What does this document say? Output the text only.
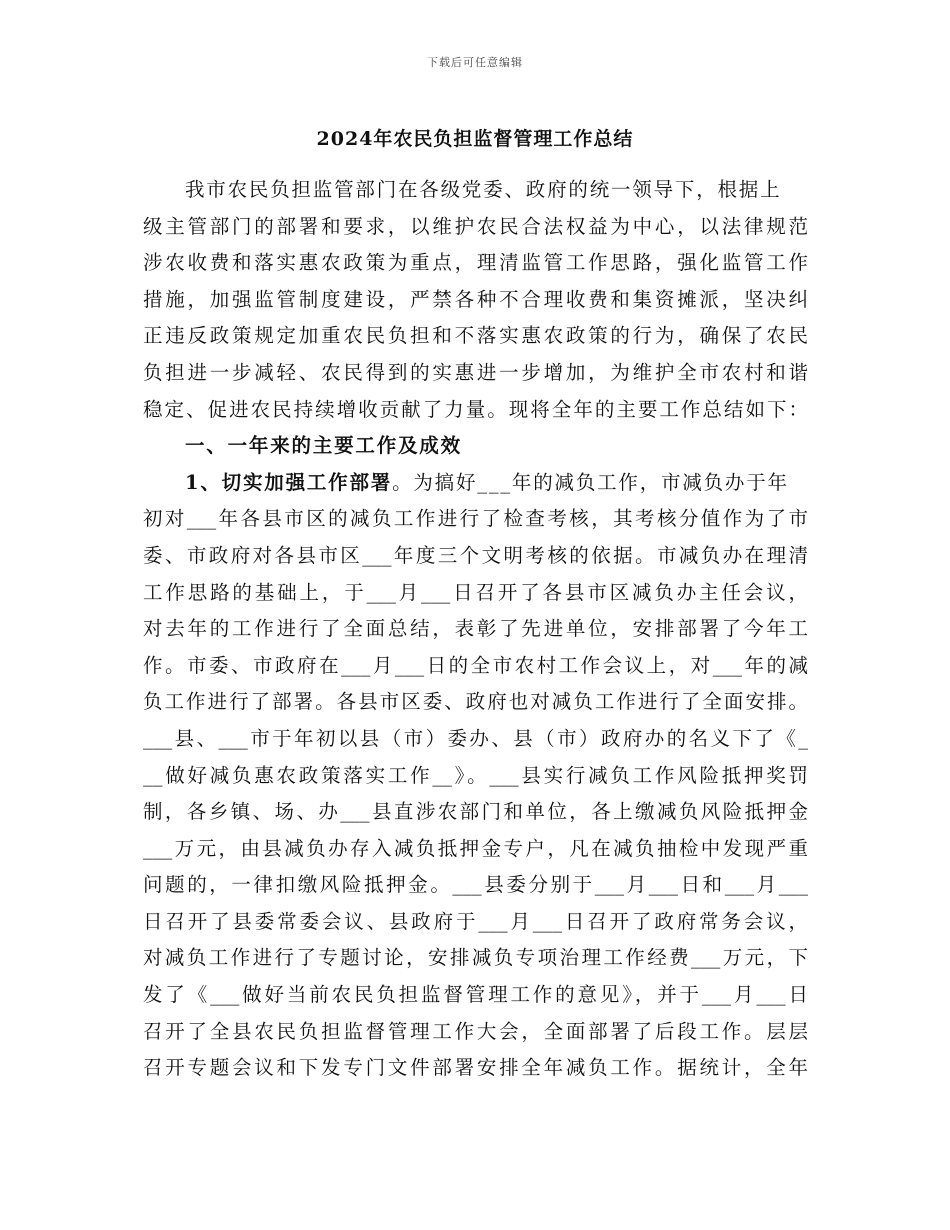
下载后可任意编辑
2024年农民负担监督管理工作总结
我市农民负担监管部门在各级党委、政府的统一领导下，根据上
级主管部门的部署和要求，以维护农民合法权益为中心，以法律规范
涉农收费和落实惠农政策为重点，理清监管工作思路，强化监管工作
措施，加强监管制度建设，严禁各种不合理收费和集资摊派，坚决纠
正违反政策规定加重农民负担和不落实惠农政策的行为，确保了农民
负担进一步减轻、农民得到的实惠进一步增加，为维护全市农村和谐
稳定、促进农民持续增收贡献了力量。现将全年的主要工作总结如下：
一、一年来的主要工作及成效
1、切实加强工作部署。为搞好___年的减负工作，市减负办于年
初对___年各县市区的减负工作进行了检查考核，其考核分值作为了市
委、市政府对各县市区___年度三个文明考核的依据。市减负办在理清
工作思路的基础上，于___月___日召开了各县市区减负办主任会议，
对去年的工作进行了全面总结，表彰了先进单位，安排部署了今年工
作。市委、市政府在___月___日的全市农村工作会议上，对___年的减
负工作进行了部署。各县市区委、政府也对减负工作进行了全面安排。
___县、___市于年初以县（市）委办、县（市）政府办的名义下了《_
__做好减负惠农政策落实工作__》。___县实行减负工作风险抵押奖罚
制，各乡镇、场、办___县直涉农部门和单位，各上缴减负风险抵押金
___万元，由县减负办存入减负抵押金专户，凡在减负抽检中发现严重
问题的，一律扣缴风险抵押金。___县委分别于___月___日和___月___
日召开了县委常委会议、县政府于___月___日召开了政府常务会议，
对减负工作进行了专题讨论，安排减负专项治理工作经费___万元，下
发了《___做好当前农民负担监督管理工作的意见》，并于___月___日
召开了全县农民负担监督管理工作大会，全面部署了后段工作。层层
召开专题会议和下发专门文件部署安排全年减负工作。据统计，全年
